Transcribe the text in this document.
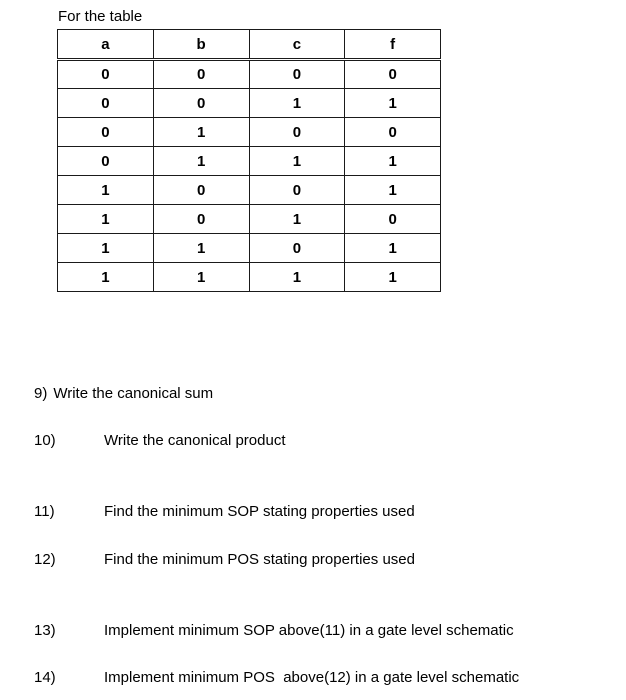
For the table
a	b	c	f
0	0	0	0
0	0	1	1
0	1	0	0
0	1	1	1
1	0	0	1
1	0	1	0
1	1	0	1
1	1	1	1
9) Write the canonical sum
10)	Write the canonical product
11)	Find the minimum SOP stating properties used
12)	Find the minimum POS stating properties used
13)	Implement minimum SOP above(11) in a gate level schematic
14)	Implement minimum POS  above(12) in a gate level schematic
